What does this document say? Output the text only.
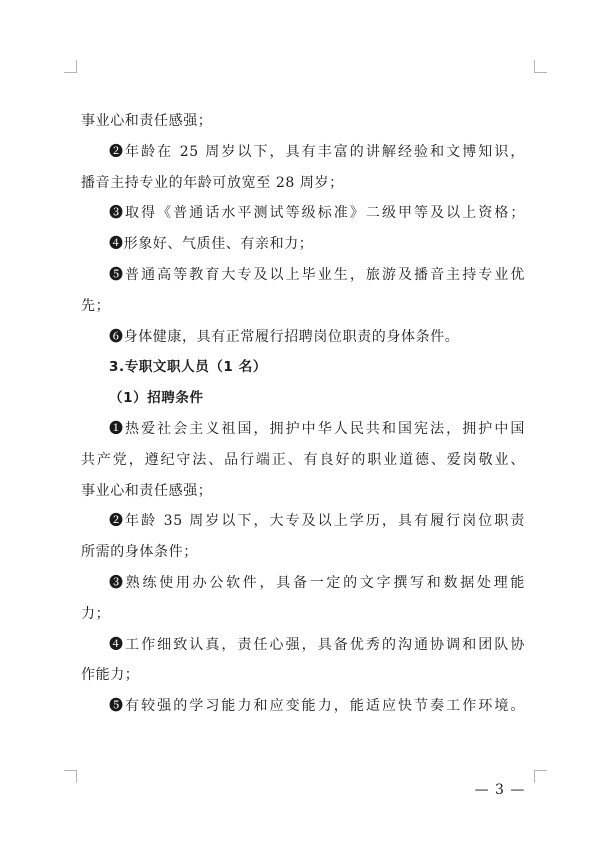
事业心和责任感强；
❷年龄在 25 周岁以下，具有丰富的讲解经验和文博知识，
播音主持专业的年龄可放宽至 28 周岁；
❸取得《普通话水平测试等级标准》二级甲等及以上资格；
❹形象好、气质佳、有亲和力；
❺普通高等教育大专及以上毕业生，旅游及播音主持专业优
先；
❻身体健康，具有正常履行招聘岗位职责的身体条件。
3.专职文职人员（1 名）
（1）招聘条件
❶热爱社会主义祖国，拥护中华人民共和国宪法，拥护中国
共产党，遵纪守法、品行端正、有良好的职业道德、爱岗敬业、
事业心和责任感强；
❷年龄 35 周岁以下，大专及以上学历，具有履行岗位职责
所需的身体条件；
❸熟练使用办公软件，具备一定的文字撰写和数据处理能
力；
❹工作细致认真，责任心强，具备优秀的沟通协调和团队协
作能力；
❺有较强的学习能力和应变能力，能适应快节奏工作环境。
— 3 —
